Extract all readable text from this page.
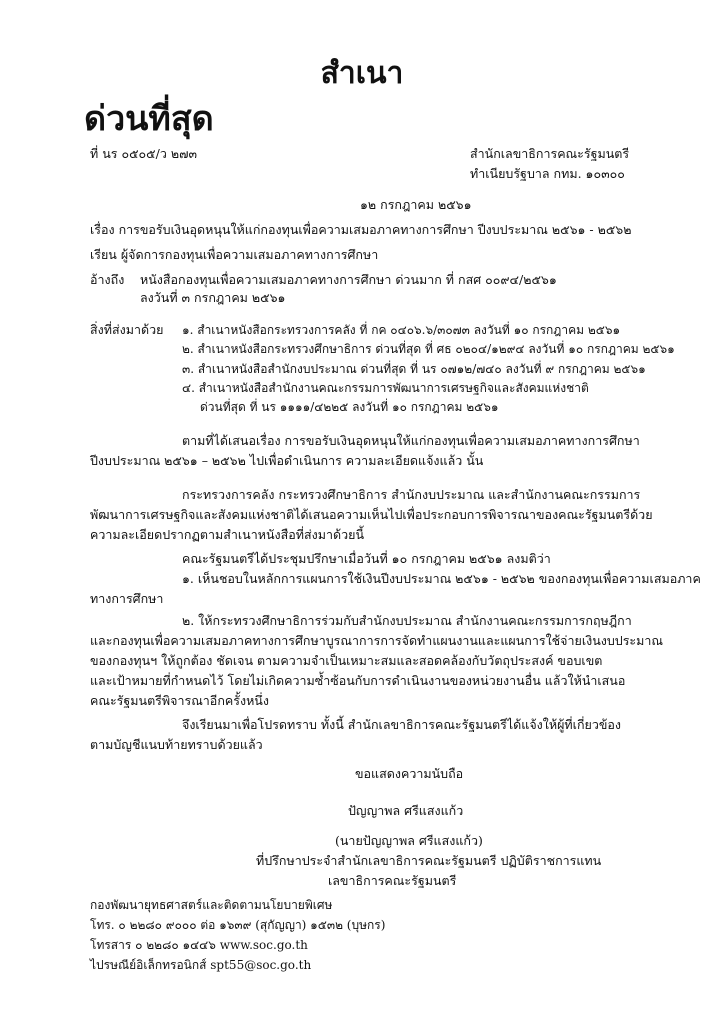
สำเนา
ด่วนที่สุด
ที่ นร ๐๕๐๕/ว ๒๗๓	สำนักเลขาธิการคณะรัฐมนตรี
ทำเนียบรัฐบาล กทม. ๑๐๓๐๐
๑๒ กรกฎาคม ๒๕๖๑
เรื่อง การขอรับเงินอุดหนุนให้แก่กองทุนเพื่อความเสมอภาคทางการศึกษา ปีงบประมาณ ๒๕๖๑ - ๒๕๖๒
เรียน ผู้จัดการกองทุนเพื่อความเสมอภาคทางการศึกษา
อ้างถึง หนังสือกองทุนเพื่อความเสมอภาคทางการศึกษา ด่วนมาก ที่ กสศ ๐๐๙๔/๒๕๖๑
ลงวันที่ ๓ กรกฎาคม ๒๕๖๑
สิ่งที่ส่งมาด้วย ๑. สำเนาหนังสือกระทรวงการคลัง ที่ กค ๐๔๐๖.๖/๓๐๗๓ ลงวันที่ ๑๐ กรกฎาคม ๒๕๖๑
๒. สำเนาหนังสือกระทรวงศึกษาธิการ ด่วนที่สุด ที่ ศธ ๐๒๐๔/๑๒๙๔ ลงวันที่ ๑๐ กรกฎาคม ๒๕๖๑
๓. สำเนาหนังสือสำนักงบประมาณ ด่วนที่สุด ที่ นร ๐๗๑๒/๗๔๐ ลงวันที่ ๙ กรกฎาคม ๒๕๖๑
๔. สำเนาหนังสือสำนักงานคณะกรรมการพัฒนาการเศรษฐกิจและสังคมแห่งชาติ
ด่วนที่สุด ที่ นร ๑๑๑๑/๔๒๒๕ ลงวันที่ ๑๐ กรกฎาคม ๒๕๖๑
ตามที่ได้เสนอเรื่อง การขอรับเงินอุดหนุนให้แก่กองทุนเพื่อความเสมอภาคทางการศึกษา
ปีงบประมาณ ๒๕๖๑ – ๒๕๖๒ ไปเพื่อดำเนินการ ความละเอียดแจ้งแล้ว นั้น
กระทรวงการคลัง กระทรวงศึกษาธิการ สำนักงบประมาณ และสำนักงานคณะกรรมการ
พัฒนาการเศรษฐกิจและสังคมแห่งชาติได้เสนอความเห็นไปเพื่อประกอบการพิจารณาของคณะรัฐมนตรีด้วย
ความละเอียดปรากฏตามสำเนาหนังสือที่ส่งมาด้วยนี้
คณะรัฐมนตรีได้ประชุมปรึกษาเมื่อวันที่ ๑๐ กรกฎาคม ๒๕๖๑ ลงมติว่า
๑. เห็นชอบในหลักการแผนการใช้เงินปีงบประมาณ ๒๕๖๑ - ๒๕๖๒ ของกองทุนเพื่อความเสมอภาค
ทางการศึกษา
๒. ให้กระทรวงศึกษาธิการร่วมกับสำนักงบประมาณ สำนักงานคณะกรรมการกฤษฎีกา
และกองทุนเพื่อความเสมอภาคทางการศึกษาบูรณาการการจัดทำแผนงานและแผนการใช้จ่ายเงินงบประมาณ
ของกองทุนฯ ให้ถูกต้อง ชัดเจน ตามความจำเป็นเหมาะสมและสอดคล้องกับวัตถุประสงค์ ขอบเขต
และเป้าหมายที่กำหนดไว้ โดยไม่เกิดความซ้ำซ้อนกับการดำเนินงานของหน่วยงานอื่น แล้วให้นำเสนอ
คณะรัฐมนตรีพิจารณาอีกครั้งหนึ่ง
จึงเรียนมาเพื่อโปรดทราบ ทั้งนี้ สำนักเลขาธิการคณะรัฐมนตรีได้แจ้งให้ผู้ที่เกี่ยวข้อง
ตามบัญชีแนบท้ายทราบด้วยแล้ว
ขอแสดงความนับถือ
ปัญญาพล ศรีแสงแก้ว
(นายปัญญาพล ศรีแสงแก้ว)
ที่ปรึกษาประจำสำนักเลขาธิการคณะรัฐมนตรี ปฏิบัติราชการแทน
เลขาธิการคณะรัฐมนตรี
กองพัฒนายุทธศาสตร์และติดตามนโยบายพิเศษ
โทร. ๐ ๒๒๘๐ ๙๐๐๐ ต่อ ๑๖๓๙ (สุกัญญา) ๑๕๓๒ (บุษกร)
โทรสาร ๐ ๒๒๘๐ ๑๔๔๖ www.soc.go.th
ไปรษณีย์อิเล็กทรอนิกส์ spt55@soc.go.th
